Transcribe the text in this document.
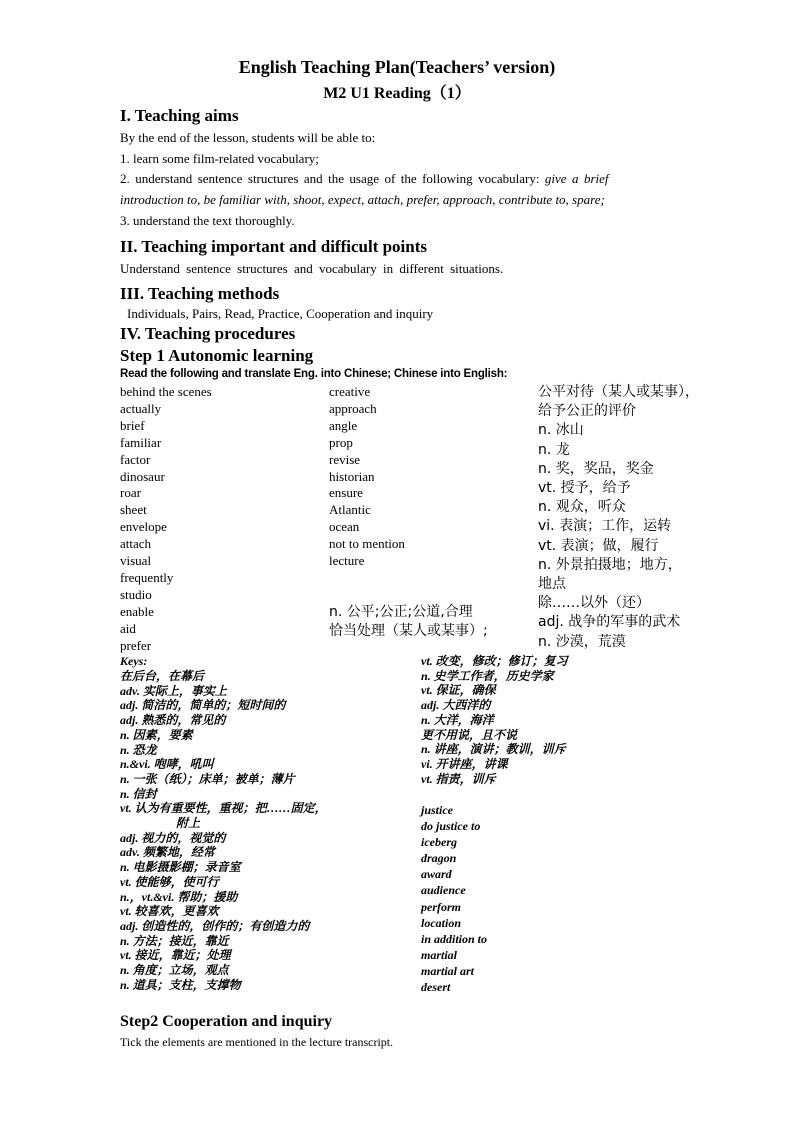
English Teaching Plan(Teachers’ version)
M2 U1 Reading（1）
I. Teaching aims
By the end of the lesson, students will be able to:
1. learn some film-related vocabulary;
2. understand sentence structures and the usage of the following vocabulary: give a brief
introduction to, be familiar with, shoot, expect, attach, prefer, approach, contribute to, spare;
3. understand the text thoroughly.
II. Teaching important and difficult points
Understand sentence structures and vocabulary in different situations.
III. Teaching methods
Individuals, Pairs, Read, Practice, Cooperation and inquiry
IV. Teaching procedures
Step 1 Autonomic learning
Read the following and translate Eng. into Chinese; Chinese into English:
behind the scenes
actually
brief
familiar
factor
dinosaur
roar
sheet
envelope
attach
visual
frequently
studio
enable
aid
prefer
creative
approach
angle
prop
revise
historian
ensure
Atlantic
ocean
not to mention
lecture
n. 公平;公正;公道,合理
恰当处理（某人或某事）;
公平对待（某人或某事），
给予公正的评价
n. 冰山
n. 龙
n. 奖，奖品，奖金
vt. 授予，给予
n. 观众，听众
vi. 表演；工作，运转
vt. 表演；做，履行
n. 外景拍摄地；地方，
地点
除……以外（还）
adj. 战争的军事的武术
n. 沙漠，荒漠
Keys:
在后台，在幕后
adv. 实际上，事实上
adj. 简洁的，简单的；短时间的
adj. 熟悉的，常见的
n. 因素，要素
n. 恐龙
n.&vi. 咆哮，吼叫
n. 一张（纸）；床单；被单；薄片
n. 信封
vt. 认为有重要性，重视；把……固定，
附上
adj. 视力的，视觉的
adv. 频繁地，经常
n. 电影摄影棚；录音室
vt. 使能够，使可行
n.，vt.&vi. 帮助；援助
vt. 较喜欢，更喜欢
adj. 创造性的，创作的；有创造力的
n. 方法；接近，靠近
vt. 接近，靠近；处理
n. 角度；立场，观点
n. 道具；支柱，支撑物
vt. 改变，修改；修订；复习
n. 史学工作者，历史学家
vt. 保证，确保
adj. 大西洋的
n. 大洋，海洋
更不用说，且不说
n. 讲座，演讲；教训，训斥
vi. 开讲座，讲课
vt. 指责，训斥
justice
do justice to
iceberg
dragon
award
audience
perform
location
in addition to
martial
martial art
desert
Step2 Cooperation and inquiry
Tick the elements are mentioned in the lecture transcript.
